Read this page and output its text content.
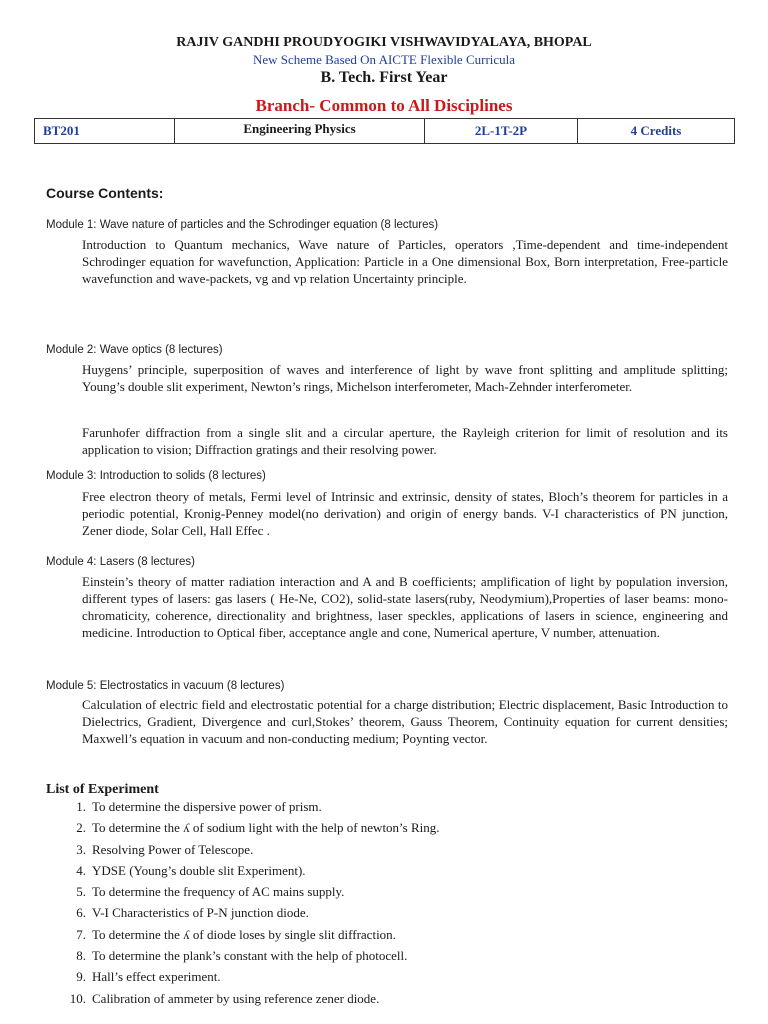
RAJIV GANDHI PROUDYOGIKI VISHWAVIDYALAYA, BHOPAL
New Scheme Based On AICTE Flexible Curricula
B. Tech. First Year
Branch- Common to All Disciplines
BT201	Engineering Physics	2L-1T-2P	4 Credits
Course Contents:
Module 1: Wave nature of particles and the Schrodinger equation (8 lectures)

Introduction to Quantum mechanics, Wave nature of Particles, operators ,Time-dependent and time-independent Schrodinger equation for wavefunction, Application: Particle in a One dimensional Box, Born interpretation, Free-particle wavefunction and wave-packets, vg and vp relation Uncertainty principle.

Module 2: Wave optics (8 lectures)

Huygens’ principle, superposition of waves and interference of light by wave front splitting and amplitude splitting; Young’s double slit experiment, Newton’s rings, Michelson interferometer, Mach-Zehnder interferometer.

Farunhofer diffraction from a single slit and a circular aperture, the Rayleigh criterion for limit of resolution and its application to vision; Diffraction gratings and their resolving power.

Module 3: Introduction to solids (8 lectures)

Free electron theory of metals, Fermi level of Intrinsic and extrinsic, density of states, Bloch’s theorem for particles in a periodic potential, Kronig-Penney model(no derivation) and origin of energy bands. V-I characteristics of PN junction, Zener diode, Solar Cell, Hall Effec .

Module 4: Lasers (8 lectures)

Einstein’s theory of matter radiation interaction and A and B coefficients; amplification of light by population inversion, different types of lasers: gas lasers ( He-Ne, CO2), solid-state lasers(ruby, Neodymium),Properties of laser beams: mono-chromaticity, coherence, directionality and brightness, laser speckles, applications of lasers in science, engineering and medicine. Introduction to Optical fiber, acceptance angle and cone, Numerical aperture, V number, attenuation.

Module 5: Electrostatics in vacuum (8 lectures)

Calculation of electric field and electrostatic potential for a charge distribution; Electric displacement, Basic Introduction to Dielectrics, Gradient, Divergence and curl,Stokes’ theorem, Gauss Theorem, Continuity equation for current densities; Maxwell’s equation in vacuum and non-conducting medium; Poynting vector.

List of Experiment
1. To determine the dispersive power of prism.
2. To determine the ʎ of sodium light with the help of newton’s Ring.
3. Resolving Power of Telescope.
4. YDSE (Young’s double slit Experiment).
5. To determine the frequency of AC mains supply.
6. V-I Characteristics of P-N junction diode.
7. To determine the ʎ of diode loses by single slit diffraction.
8. To determine the plank’s constant with the help of photocell.
9. Hall’s effect experiment.
10. Calibration of ammeter by using reference zener diode.
